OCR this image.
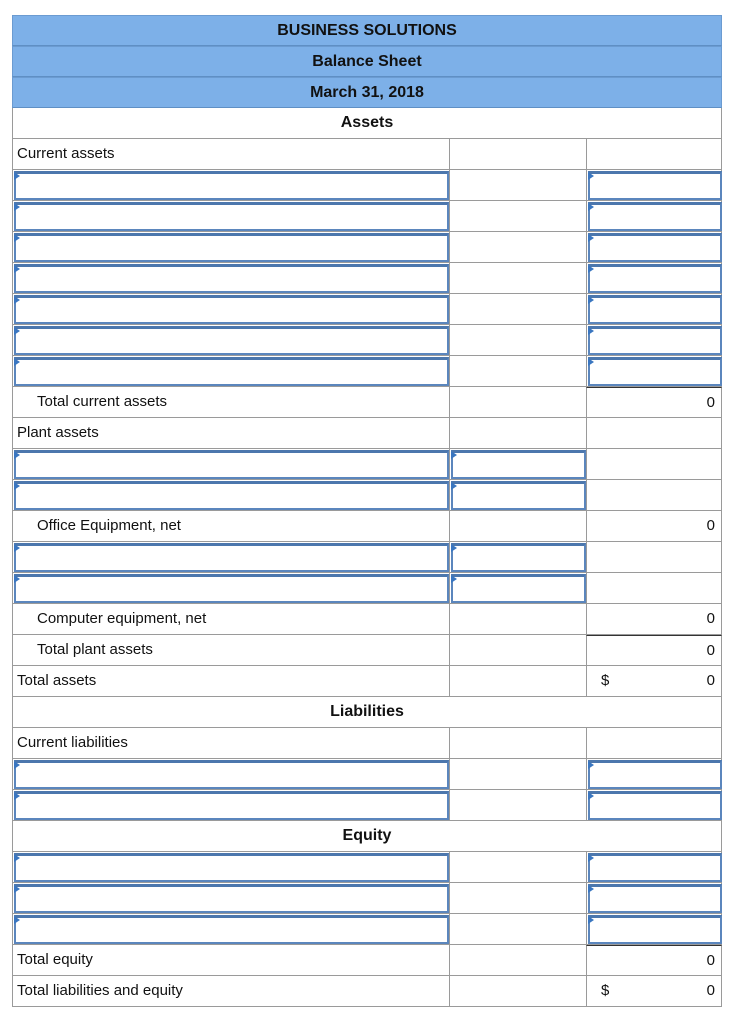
BUSINESS SOLUTIONS
Balance Sheet
March 31, 2018
Assets
Current assets
Total current assets	0
Plant assets
Office Equipment, net	0
Computer equipment, net	0
Total plant assets	0
Total assets	$	0
Liabilities
Current liabilities
Equity
Total equity	0
Total liabilities and equity	$	0
